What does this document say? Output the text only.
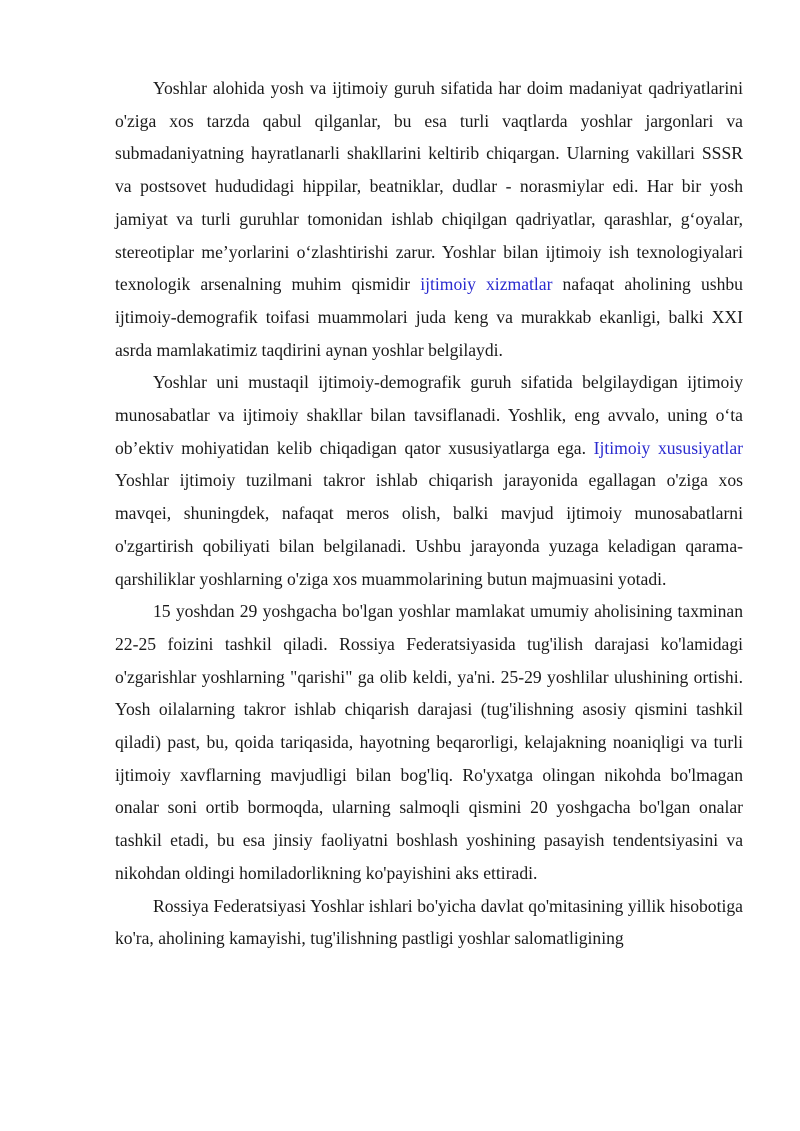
Yoshlar alohida yosh va ijtimoiy guruh sifatida har doim madaniyat qadriyatlarini o'ziga xos tarzda qabul qilganlar, bu esa turli vaqtlarda yoshlar jargonlari va submadaniyatning hayratlanarli shakllarini keltirib chiqargan. Ularning vakillari SSSR va postsovet hududidagi hippilar, beatniklar, dudlar - norasmiylar edi. Har bir yosh jamiyat va turli guruhlar tomonidan ishlab chiqilgan qadriyatlar, qarashlar, g‘oyalar, stereotiplar me’yorlarini o‘zlashtirishi zarur. Yoshlar bilan ijtimoiy ish texnologiyalari texnologik arsenalning muhim qismidir ijtimoiy xizmatlar nafaqat aholining ushbu ijtimoiy-demografik toifasi muammolari juda keng va murakkab ekanligi, balki XXI asrda mamlakatimiz taqdirini aynan yoshlar belgilaydi.

Yoshlar uni mustaqil ijtimoiy-demografik guruh sifatida belgilaydigan ijtimoiy munosabatlar va ijtimoiy shakllar bilan tavsiflanadi. Yoshlik, eng avvalo, uning o‘ta ob’ektiv mohiyatidan kelib chiqadigan qator xususiyatlarga ega. Ijtimoiy xususiyatlar Yoshlar ijtimoiy tuzilmani takror ishlab chiqarish jarayonida egallagan o'ziga xos mavqei, shuningdek, nafaqat meros olish, balki mavjud ijtimoiy munosabatlarni o'zgartirish qobiliyati bilan belgilanadi. Ushbu jarayonda yuzaga keladigan qarama-qarshiliklar yoshlarning o'ziga xos muammolarining butun majmuasini yotadi.

15 yoshdan 29 yoshgacha bo'lgan yoshlar mamlakat umumiy aholisining taxminan 22-25 foizini tashkil qiladi. Rossiya Federatsiyasida tug'ilish darajasi ko'lamidagi o'zgarishlar yoshlarning "qarishi" ga olib keldi, ya'ni. 25-29 yoshlilar ulushining ortishi. Yosh oilalarning takror ishlab chiqarish darajasi (tug'ilishning asosiy qismini tashkil qiladi) past, bu, qoida tariqasida, hayotning beqarorligi, kelajakning noaniqligi va turli ijtimoiy xavflarning mavjudligi bilan bog'liq. Ro'yxatga olingan nikohda bo'lmagan onalar soni ortib bormoqda, ularning salmoqli qismini 20 yoshgacha bo'lgan onalar tashkil etadi, bu esa jinsiy faoliyatni boshlash yoshining pasayish tendentsiyasini va nikohdan oldingi homiladorlikning ko'payishini aks ettiradi.

Rossiya Federatsiyasi Yoshlar ishlari bo'yicha davlat qo'mitasining yillik hisobotiga ko'ra, aholining kamayishi, tug'ilishning pastligi yoshlar salomatligining
